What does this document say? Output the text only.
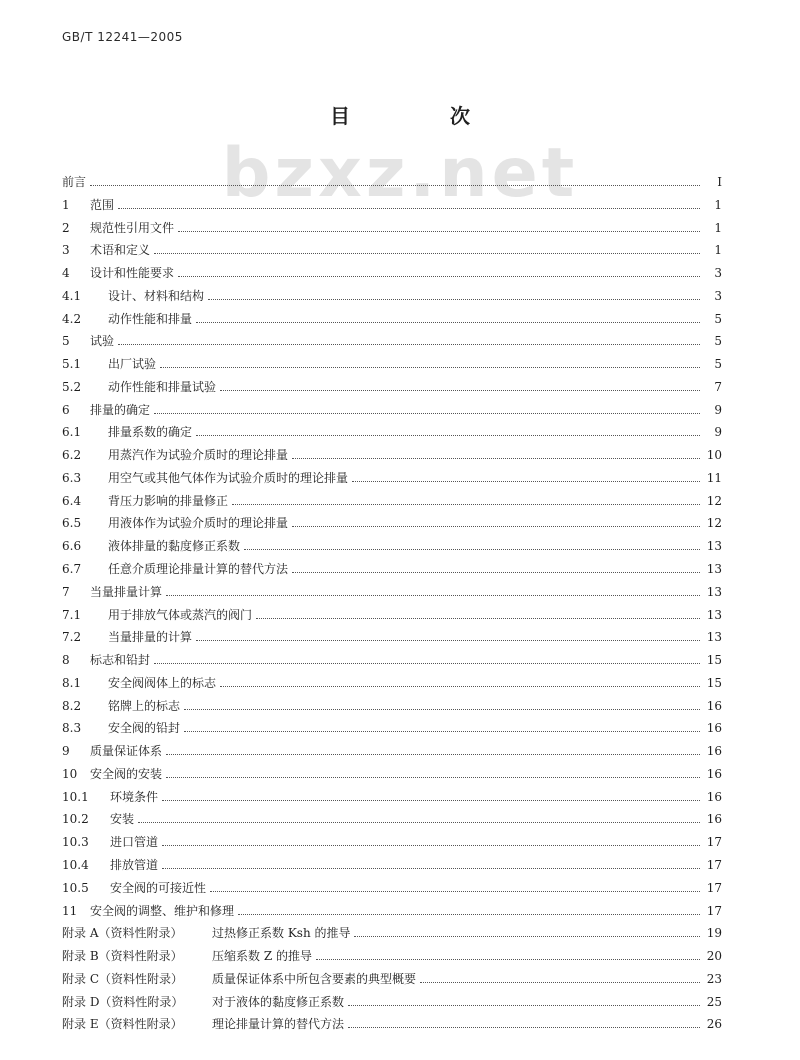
GB/T 12241—2005
bzxz.net
目　次
前言	I
1	范围	1
2	规范性引用文件	1
3	术语和定义	1
4	设计和性能要求	3
4.1	设计、材料和结构	3
4.2	动作性能和排量	5
5	试验	5
5.1	出厂试验	5
5.2	动作性能和排量试验	7
6	排量的确定	9
6.1	排量系数的确定	9
6.2	用蒸汽作为试验介质时的理论排量	10
6.3	用空气或其他气体作为试验介质时的理论排量	11
6.4	背压力影响的排量修正	12
6.5	用液体作为试验介质时的理论排量	12
6.6	液体排量的黏度修正系数	13
6.7	任意介质理论排量计算的替代方法	13
7	当量排量计算	13
7.1	用于排放气体或蒸汽的阀门	13
7.2	当量排量的计算	13
8	标志和铅封	15
8.1	安全阀阀体上的标志	15
8.2	铭牌上的标志	16
8.3	安全阀的铅封	16
9	质量保证体系	16
10	安全阀的安装	16
10.1	环境条件	16
10.2	安装	16
10.3	进口管道	17
10.4	排放管道	17
10.5	安全阀的可接近性	17
11	安全阀的调整、维护和修理	17
附录 A（资料性附录）	过热修正系数 Ksh 的推导	19
附录 B（资料性附录）	压缩系数 Z 的推导	20
附录 C（资料性附录）	质量保证体系中所包含要素的典型概要	23
附录 D（资料性附录）	对于液体的黏度修正系数	25
附录 E（资料性附录）	理论排量计算的替代方法	26
